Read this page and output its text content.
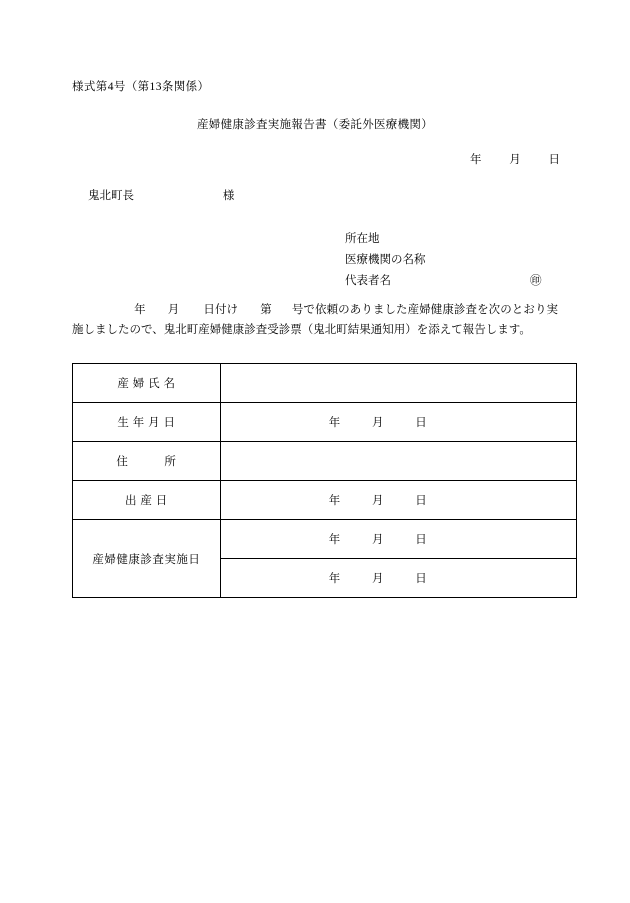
様式第4号（第13条関係）
産婦健康診査実施報告書（委託外医療機関）
年 月 日
鬼北町長	様
所在地
医療機関の名称
代表者名	㊞
年 月 日付け 第 号で依頼のありました産婦健康診査を次のとおり実施しましたので、鬼北町産婦健康診査受診票（鬼北町結果通知用）を添えて報告します。
産 婦 氏 名	
生 年 月 日	年 月 日
住　　　所	
出 産 日	年 月 日
産婦健康診査実施日	年 月 日
	年 月 日
